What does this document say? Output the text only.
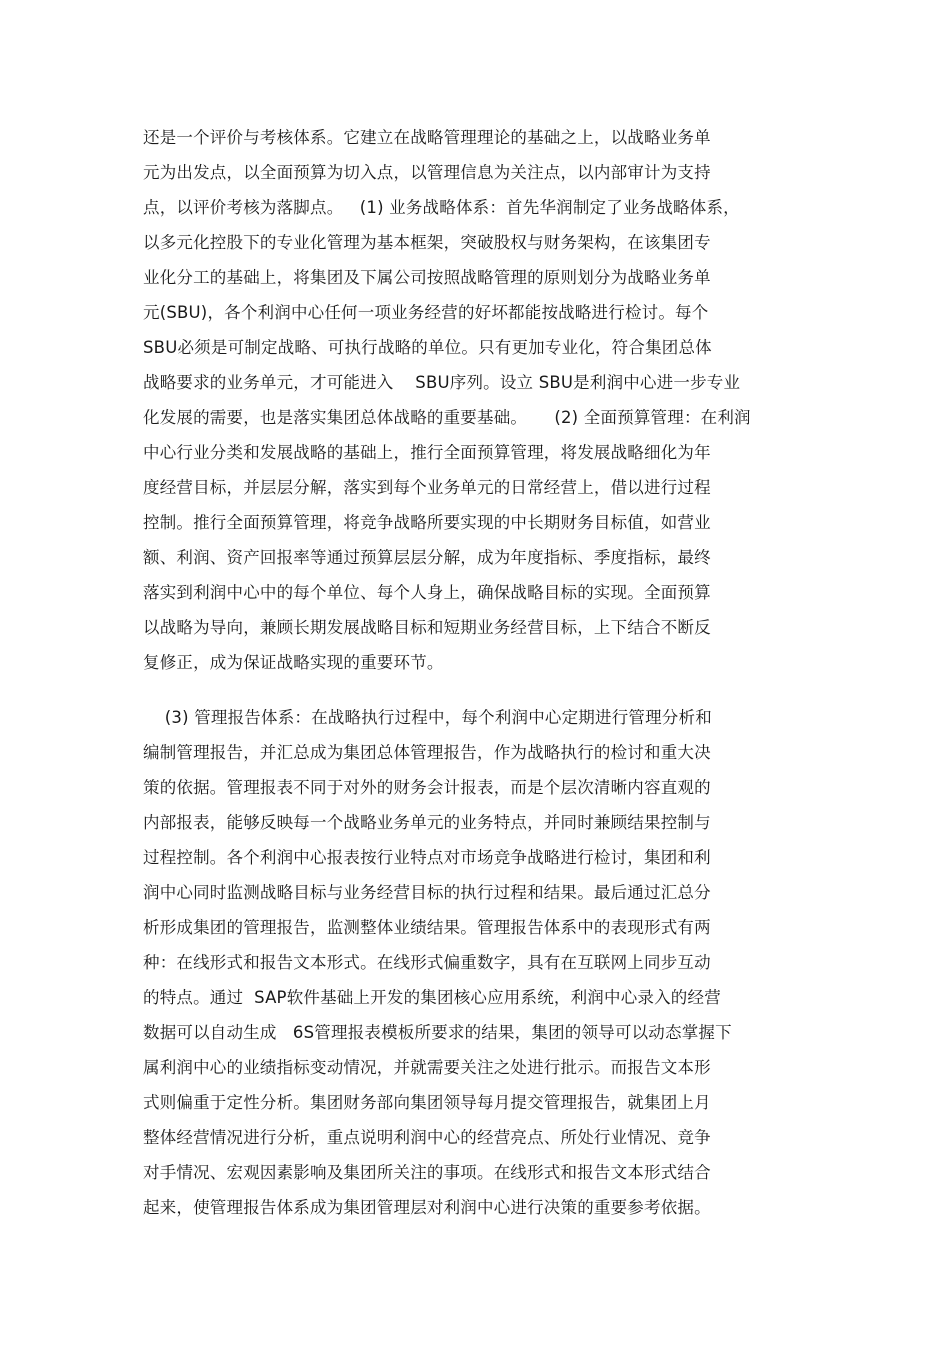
还是一个评价与考核体系。它建立在战略管理理论的基础之上，以战略业务单
元为出发点，以全面预算为切入点，以管理信息为关注点，以内部审计为支持
点，以评价考核为落脚点。   (1) 业务战略体系：首先华润制定了业务战略体系，
以多元化控股下的专业化管理为基本框架，突破股权与财务架构，在该集团专
业化分工的基础上，将集团及下属公司按照战略管理的原则划分为战略业务单
元(SBU)，各个利润中心任何一项业务经营的好坏都能按战略进行检讨。每个
SBU必须是可制定战略、可执行战略的单位。只有更加专业化，符合集团总体
战略要求的业务单元，才可能进入    SBU序列。设立 SBU是利润中心进一步专业
化发展的需要，也是落实集团总体战略的重要基础。     (2) 全面预算管理：在利润
中心行业分类和发展战略的基础上，推行全面预算管理，将发展战略细化为年
度经营目标，并层层分解，落实到每个业务单元的日常经营上，借以进行过程
控制。推行全面预算管理，将竞争战略所要实现的中长期财务目标值，如营业
额、利润、资产回报率等通过预算层层分解，成为年度指标、季度指标，最终
落实到利润中心中的每个单位、每个人身上，确保战略目标的实现。全面预算
以战略为导向，兼顾长期发展战略目标和短期业务经营目标，上下结合不断反
复修正，成为保证战略实现的重要环节。
(3) 管理报告体系：在战略执行过程中，每个利润中心定期进行管理分析和
编制管理报告，并汇总成为集团总体管理报告，作为战略执行的检讨和重大决
策的依据。管理报表不同于对外的财务会计报表，而是个层次清晰内容直观的
内部报表，能够反映每一个战略业务单元的业务特点，并同时兼顾结果控制与
过程控制。各个利润中心报表按行业特点对市场竞争战略进行检讨，集团和利
润中心同时监测战略目标与业务经营目标的执行过程和结果。最后通过汇总分
析形成集团的管理报告，监测整体业绩结果。管理报告体系中的表现形式有两
种：在线形式和报告文本形式。在线形式偏重数字，具有在互联网上同步互动
的特点。通过  SAP软件基础上开发的集团核心应用系统，利润中心录入的经营
数据可以自动生成   6S管理报表模板所要求的结果，集团的领导可以动态掌握下
属利润中心的业绩指标变动情况，并就需要关注之处进行批示。而报告文本形
式则偏重于定性分析。集团财务部向集团领导每月提交管理报告，就集团上月
整体经营情况进行分析，重点说明利润中心的经营亮点、所处行业情况、竞争
对手情况、宏观因素影响及集团所关注的事项。在线形式和报告文本形式结合
起来，使管理报告体系成为集团管理层对利润中心进行决策的重要参考依据。
